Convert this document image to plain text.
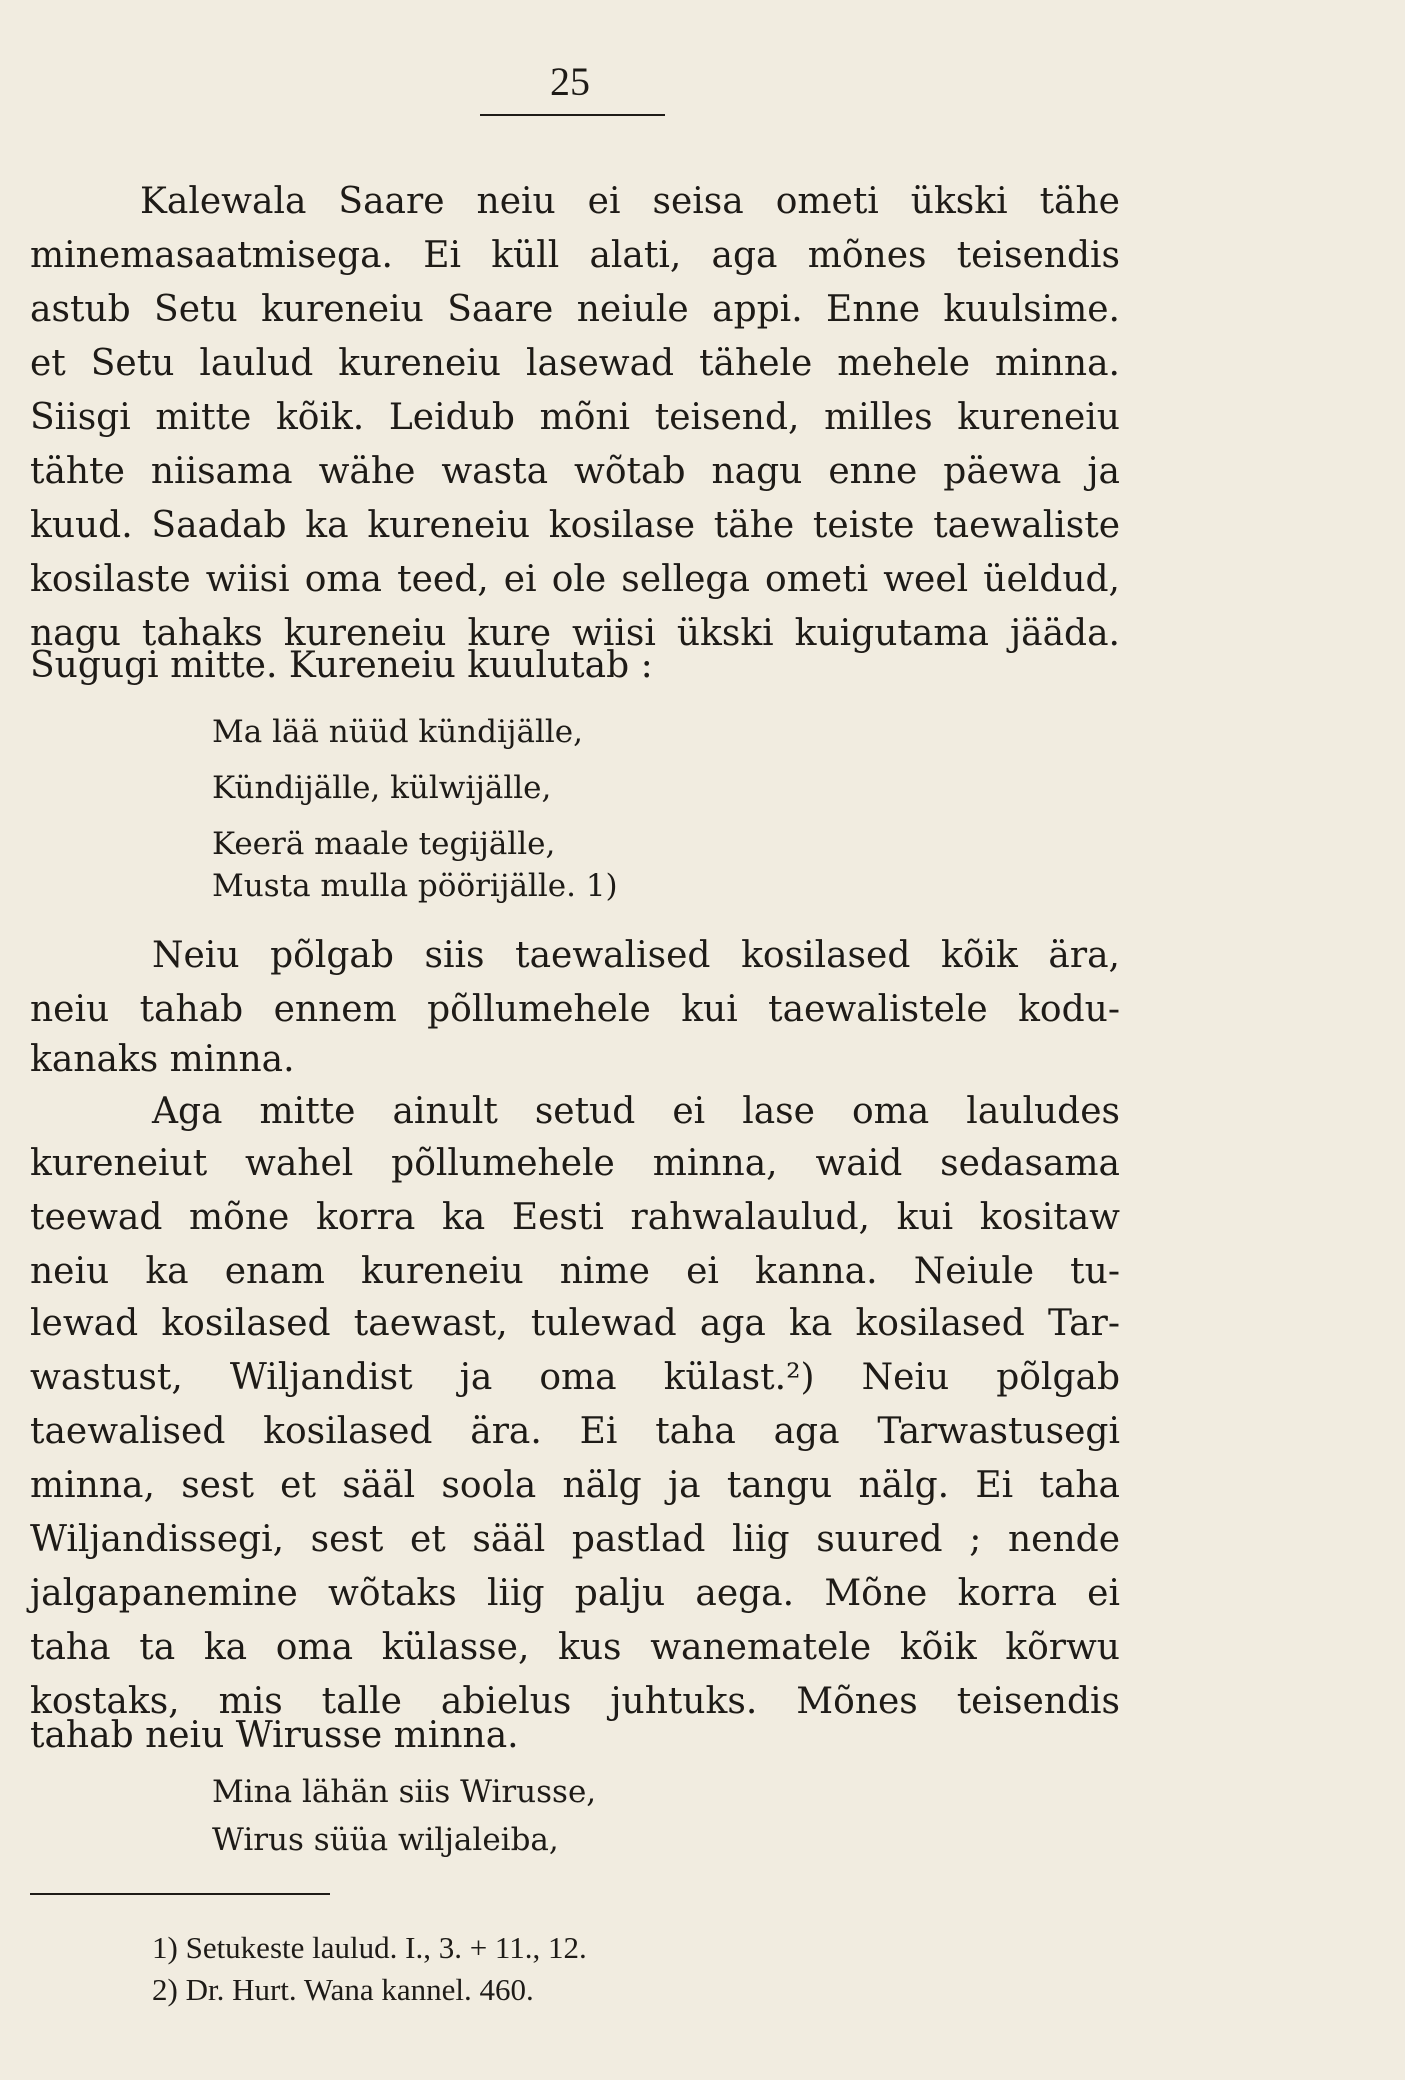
25
Kalewala Saare neiu ei seisa ometi ükski tähe
minemasaatmisega. Ei küll alati, aga mõnes teisendis
astub Setu kureneiu Saare neiule appi. Enne kuulsime.
et Setu laulud kureneiu lasewad tähele mehele minna.
Siisgi mitte kõik. Leidub mõni teisend, milles kureneiu
tähte niisama wähe wasta wõtab nagu enne päewa ja
kuud. Saadab ka kureneiu kosilase tähe teiste taewaliste
kosilaste wiisi oma teed, ei ole sellega ometi weel üeldud,
nagu tahaks kureneiu kure wiisi ükski kuigutama jääda.
Sugugi mitte. Kureneiu kuulutab :
Ma lää nüüd kündijälle,
Kündijälle, külwijälle,
Keerä maale tegijälle,
Musta mulla pöörijälle. 1)
Neiu põlgab siis taewalised kosilased kõik ära,
neiu tahab ennem põllumehele kui taewalistele kodu-
kanaks minna.
Aga mitte ainult setud ei lase oma lauludes
kureneiut wahel põllumehele minna, waid sedasama
teewad mõne korra ka Eesti rahwalaulud, kui kositaw
neiu ka enam kureneiu nime ei kanna. Neiule tu-
lewad kosilased taewast, tulewad aga ka kosilased Tar-
wastust, Wiljandist ja oma külast.²) Neiu põlgab
taewalised kosilased ära. Ei taha aga Tarwastusegi
minna, sest et sääl soola nälg ja tangu nälg. Ei taha
Wiljandissegi, sest et sääl pastlad liig suured ; nende
jalgapanemine wõtaks liig palju aega. Mõne korra ei
taha ta ka oma külasse, kus wanematele kõik kõrwu
kostaks, mis talle abielus juhtuks. Mõnes teisendis
tahab neiu Wirusse minna.
Mina lähän siis Wirusse,
Wirus süüa wiljaleiba,
1) Setukeste laulud. I., 3. + 11., 12.
2) Dr. Hurt. Wana kannel. 460.
